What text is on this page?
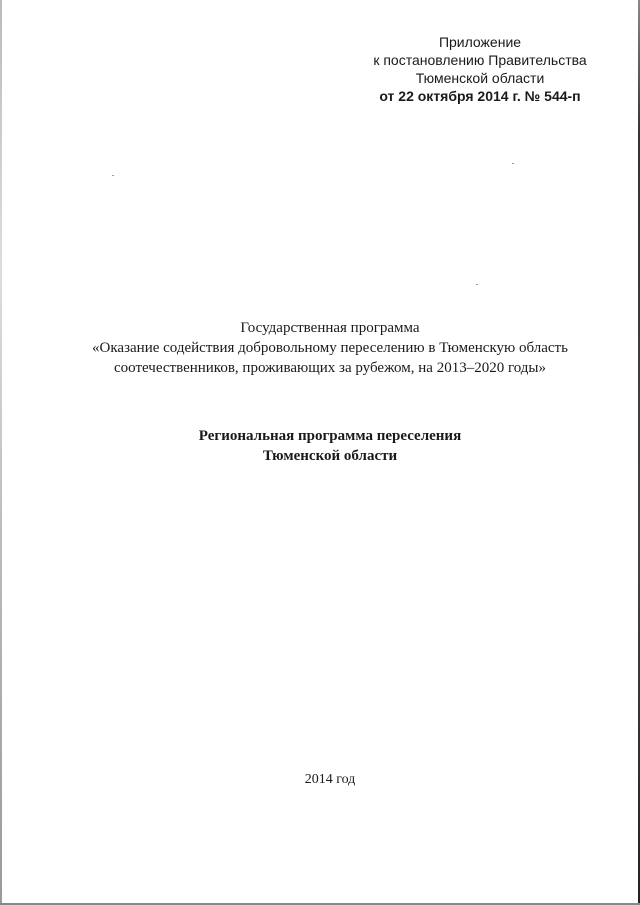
Приложение
к постановлению Правительства
Тюменской области
от 22 октября 2014 г. № 544-п
Государственная программа
«Оказание содействия добровольному переселению в Тюменскую область
соотечественников, проживающих за рубежом, на 2013–2020 годы»
Региональная программа переселения
Тюменской области
2014 год
